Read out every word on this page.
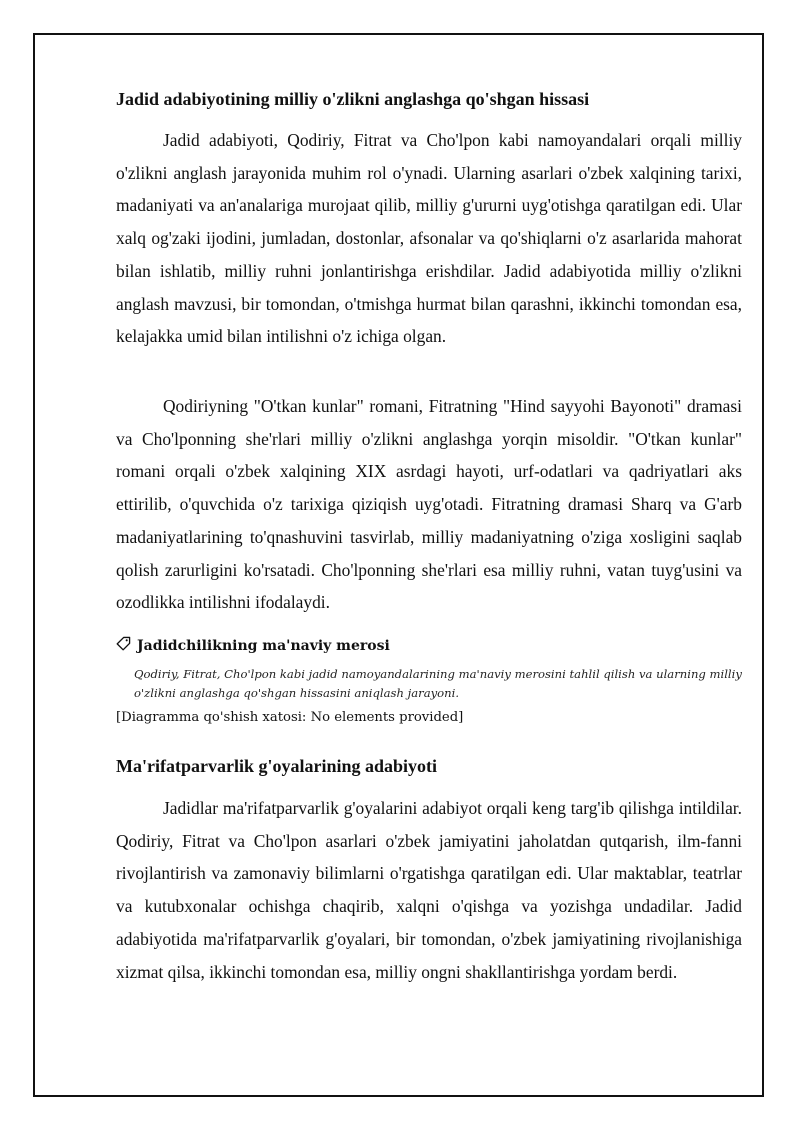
Jadid adabiyotining milliy o'zlikni anglashga qo'shgan hissasi

Jadid adabiyoti, Qodiriy, Fitrat va Cho'lpon kabi namoyandalari orqali milliy o'zlikni anglash jarayonida muhim rol o'ynadi. Ularning asarlari o'zbek xalqining tarixi, madaniyati va an'analariga murojaat qilib, milliy g'ururni uyg'otishga qaratilgan edi. Ular xalq og'zaki ijodini, jumladan, dostonlar, afsonalar va qo'shiqlarni o'z asarlarida mahorat bilan ishlatib, milliy ruhni jonlantirishga erishdilar. Jadid adabiyotida milliy o'zlikni anglash mavzusi, bir tomondan, o'tmishga hurmat bilan qarashni, ikkinchi tomondan esa, kelajakka umid bilan intilishni o'z ichiga olgan.

Qodiriyning "O'tkan kunlar" romani, Fitratning "Hind sayyohi Bayonoti" dramasi va Cho'lponning she'rlari milliy o'zlikni anglashga yorqin misoldir. "O'tkan kunlar" romani orqali o'zbek xalqining XIX asrdagi hayoti, urf-odatlari va qadriyatlari aks ettirilib, o'quvchida o'z tarixiga qiziqish uyg'otadi. Fitratning dramasi Sharq va G'arb madaniyatlarining to'qnashuvini tasvirlab, milliy madaniyatning o'ziga xosligini saqlab qolish zarurligini ko'rsatadi. Cho'lponning she'rlari esa milliy ruhni, vatan tuyg'usini va ozodlikka intilishni ifodalaydi.

Jadidchilikning ma'naviy merosi

Qodiriy, Fitrat, Cho'lpon kabi jadid namoyandalarining ma'naviy merosini tahlil qilish va ularning milliy o'zlikni anglashga qo'shgan hissasini aniqlash jarayoni.

[Diagramma qo'shish xatosi: No elements provided]
Ma'rifatparvarlik g'oyalarining adabiyoti

Jadidlar ma'rifatparvarlik g'oyalarini adabiyot orqali keng targ'ib qilishga intildilar. Qodiriy, Fitrat va Cho'lpon asarlari o'zbek jamiyatini jaholatdan qutqarish, ilm-fanni rivojlantirish va zamonaviy bilimlarni o'rgatishga qaratilgan edi. Ular maktablar, teatrlar va kutubxonalar ochishga chaqirib, xalqni o'qishga va yozishga undadilar. Jadid adabiyotida ma'rifatparvarlik g'oyalari, bir tomondan, o'zbek jamiyatining rivojlanishiga xizmat qilsa, ikkinchi tomondan esa, milliy ongni shakllantirishga yordam berdi.
